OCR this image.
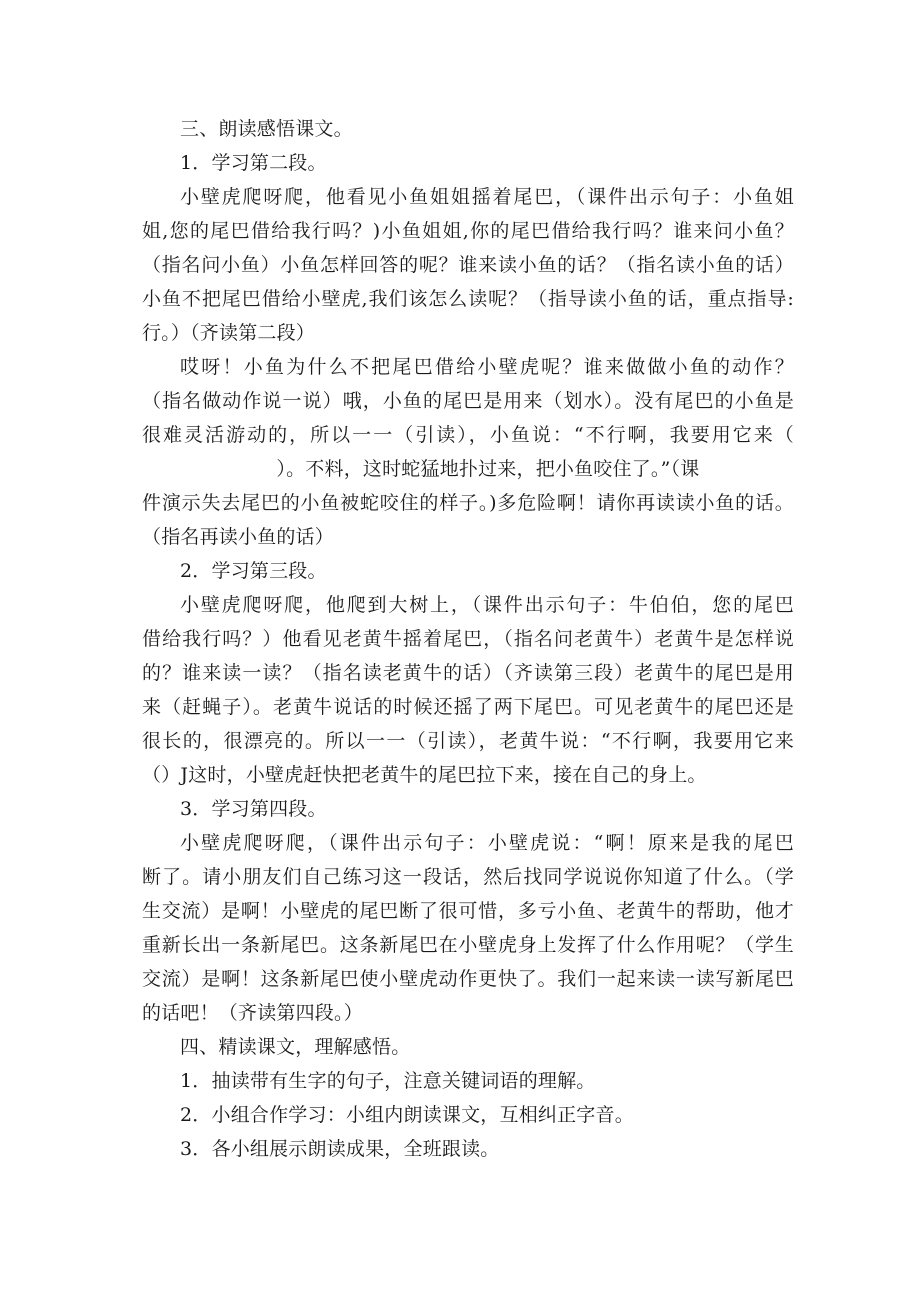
三、朗读感悟课文。
1．学习第二段。
小壁虎爬呀爬，他看见小鱼姐姐摇着尾巴，（课件出示句子：小鱼姐
姐,您的尾巴借给我行吗？)小鱼姐姐,你的尾巴借给我行吗？谁来问小鱼？
（指名问小鱼）小鱼怎样回答的呢？谁来读小鱼的话？（指名读小鱼的话）
小鱼不把尾巴借给小壁虎,我们该怎么读呢？（指导读小鱼的话，重点指导:
行。）（齐读第二段）
哎呀！小鱼为什么不把尾巴借给小壁虎呢？谁来做做小鱼的动作？
（指名做动作说一说）哦，小鱼的尾巴是用来（划水）。没有尾巴的小鱼是
很难灵活游动的，所以一一（引读），小鱼说：“不行啊，我要用它来（
　　　　　　　）。不料，这时蛇猛地扑过来，把小鱼咬住了。”（课
件演示失去尾巴的小鱼被蛇咬住的样子。)多危险啊！请你再读读小鱼的话。
（指名再读小鱼的话）
2．学习第三段。
小壁虎爬呀爬，他爬到大树上，（课件出示句子：牛伯伯，您的尾巴
借给我行吗？）他看见老黄牛摇着尾巴，（指名问老黄牛）老黄牛是怎样说
的？谁来读一读？（指名读老黄牛的话）（齐读第三段）老黄牛的尾巴是用
来（赶蝇子）。老黄牛说话的时候还摇了两下尾巴。可见老黄牛的尾巴还是
很长的，很漂亮的。所以一一（引读），老黄牛说：“不行啊，我要用它来
（）J这时，小壁虎赶快把老黄牛的尾巴拉下来，接在自己的身上。
3．学习第四段。
小壁虎爬呀爬，（课件出示句子：小壁虎说：“啊！原来是我的尾巴
断了。请小朋友们自己练习这一段话，然后找同学说说你知道了什么。（学
生交流）是啊！小壁虎的尾巴断了很可惜，多亏小鱼、老黄牛的帮助，他才
重新长出一条新尾巴。这条新尾巴在小壁虎身上发挥了什么作用呢？（学生
交流）是啊！这条新尾巴使小壁虎动作更快了。我们一起来读一读写新尾巴
的话吧！（齐读第四段。）
四、精读课文，理解感悟。
1．抽读带有生字的句子，注意关键词语的理解。
2．小组合作学习：小组内朗读课文，互相纠正字音。
3．各小组展示朗读成果，全班跟读。
